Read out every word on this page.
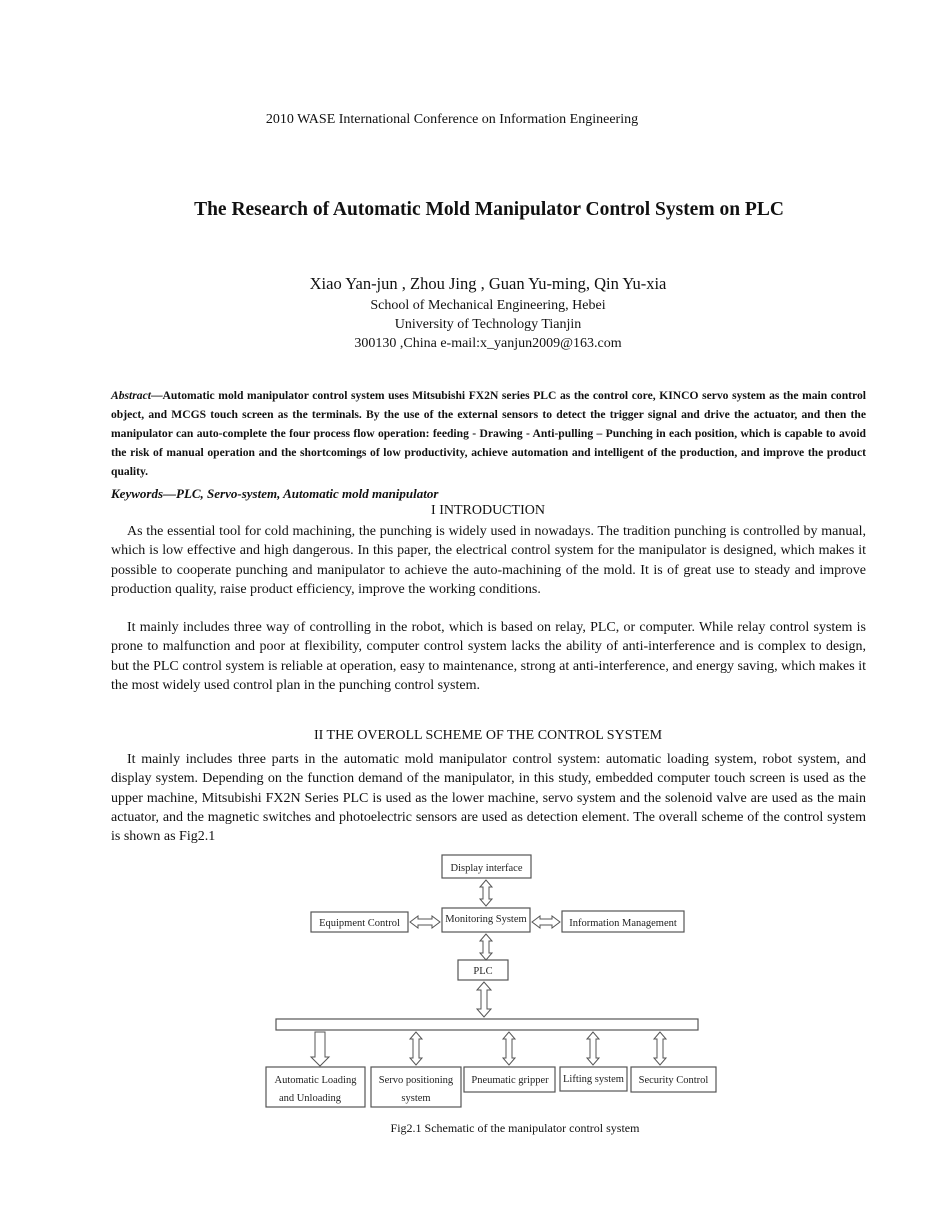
2010 WASE International Conference on Information Engineering
The Research of Automatic Mold Manipulator Control System on PLC
Xiao Yan-jun , Zhou Jing , Guan Yu-ming, Qin Yu-xia
School of Mechanical Engineering, Hebei
University of Technology Tianjin
300130 ,China e-mail:x_yanjun2009@163.com
Abstract—Automatic mold manipulator control system uses Mitsubishi FX2N series PLC as the control core, KINCO servo system as the main control object, and MCGS touch screen as the terminals. By the use of the external sensors to detect the trigger signal and drive the actuator, and then the manipulator can auto-complete the four process flow operation: feeding - Drawing - Anti-pulling – Punching in each position, which is capable to avoid the risk of manual operation and the shortcomings of low productivity, achieve automation and intelligent of the production, and improve the product quality.
Keywords—PLC, Servo-system, Automatic mold manipulator
I INTRODUCTION
As the essential tool for cold machining, the punching is widely used in nowadays. The tradition punching is controlled by manual, which is low effective and high dangerous. In this paper, the electrical control system for the manipulator is designed, which makes it possible to cooperate punching and manipulator to achieve the auto-machining of the mold. It is of great use to steady and improve production quality, raise product efficiency, improve the working conditions.
It mainly includes three way of controlling in the robot, which is based on relay, PLC, or computer. While relay control system is prone to malfunction and poor at flexibility, computer control system lacks the ability of anti-interference and is complex to design, but the PLC control system is reliable at operation, easy to maintenance, strong at anti-interference, and energy saving, which makes it the most widely used control plan in the punching control system.
II THE OVEROLL SCHEME OF THE CONTROL SYSTEM
It mainly includes three parts in the automatic mold manipulator control system: automatic loading system, robot system, and display system. Depending on the function demand of the manipulator, in this study, embedded computer touch screen is used as the upper machine, Mitsubishi FX2N Series PLC is used as the lower machine, servo system and the solenoid valve are used as the main actuator, and the magnetic switches and photoelectric sensors are used as detection element. The overall scheme of the control system is shown as Fig2.1
Display interface
Monitoring System
Equipment Control	Information Management
PLC
Automatic Loading
and Unloading
Servo positioning
system
Pneumatic gripper Lifting system Security Control
Fig2.1 Schematic of the manipulator control system
